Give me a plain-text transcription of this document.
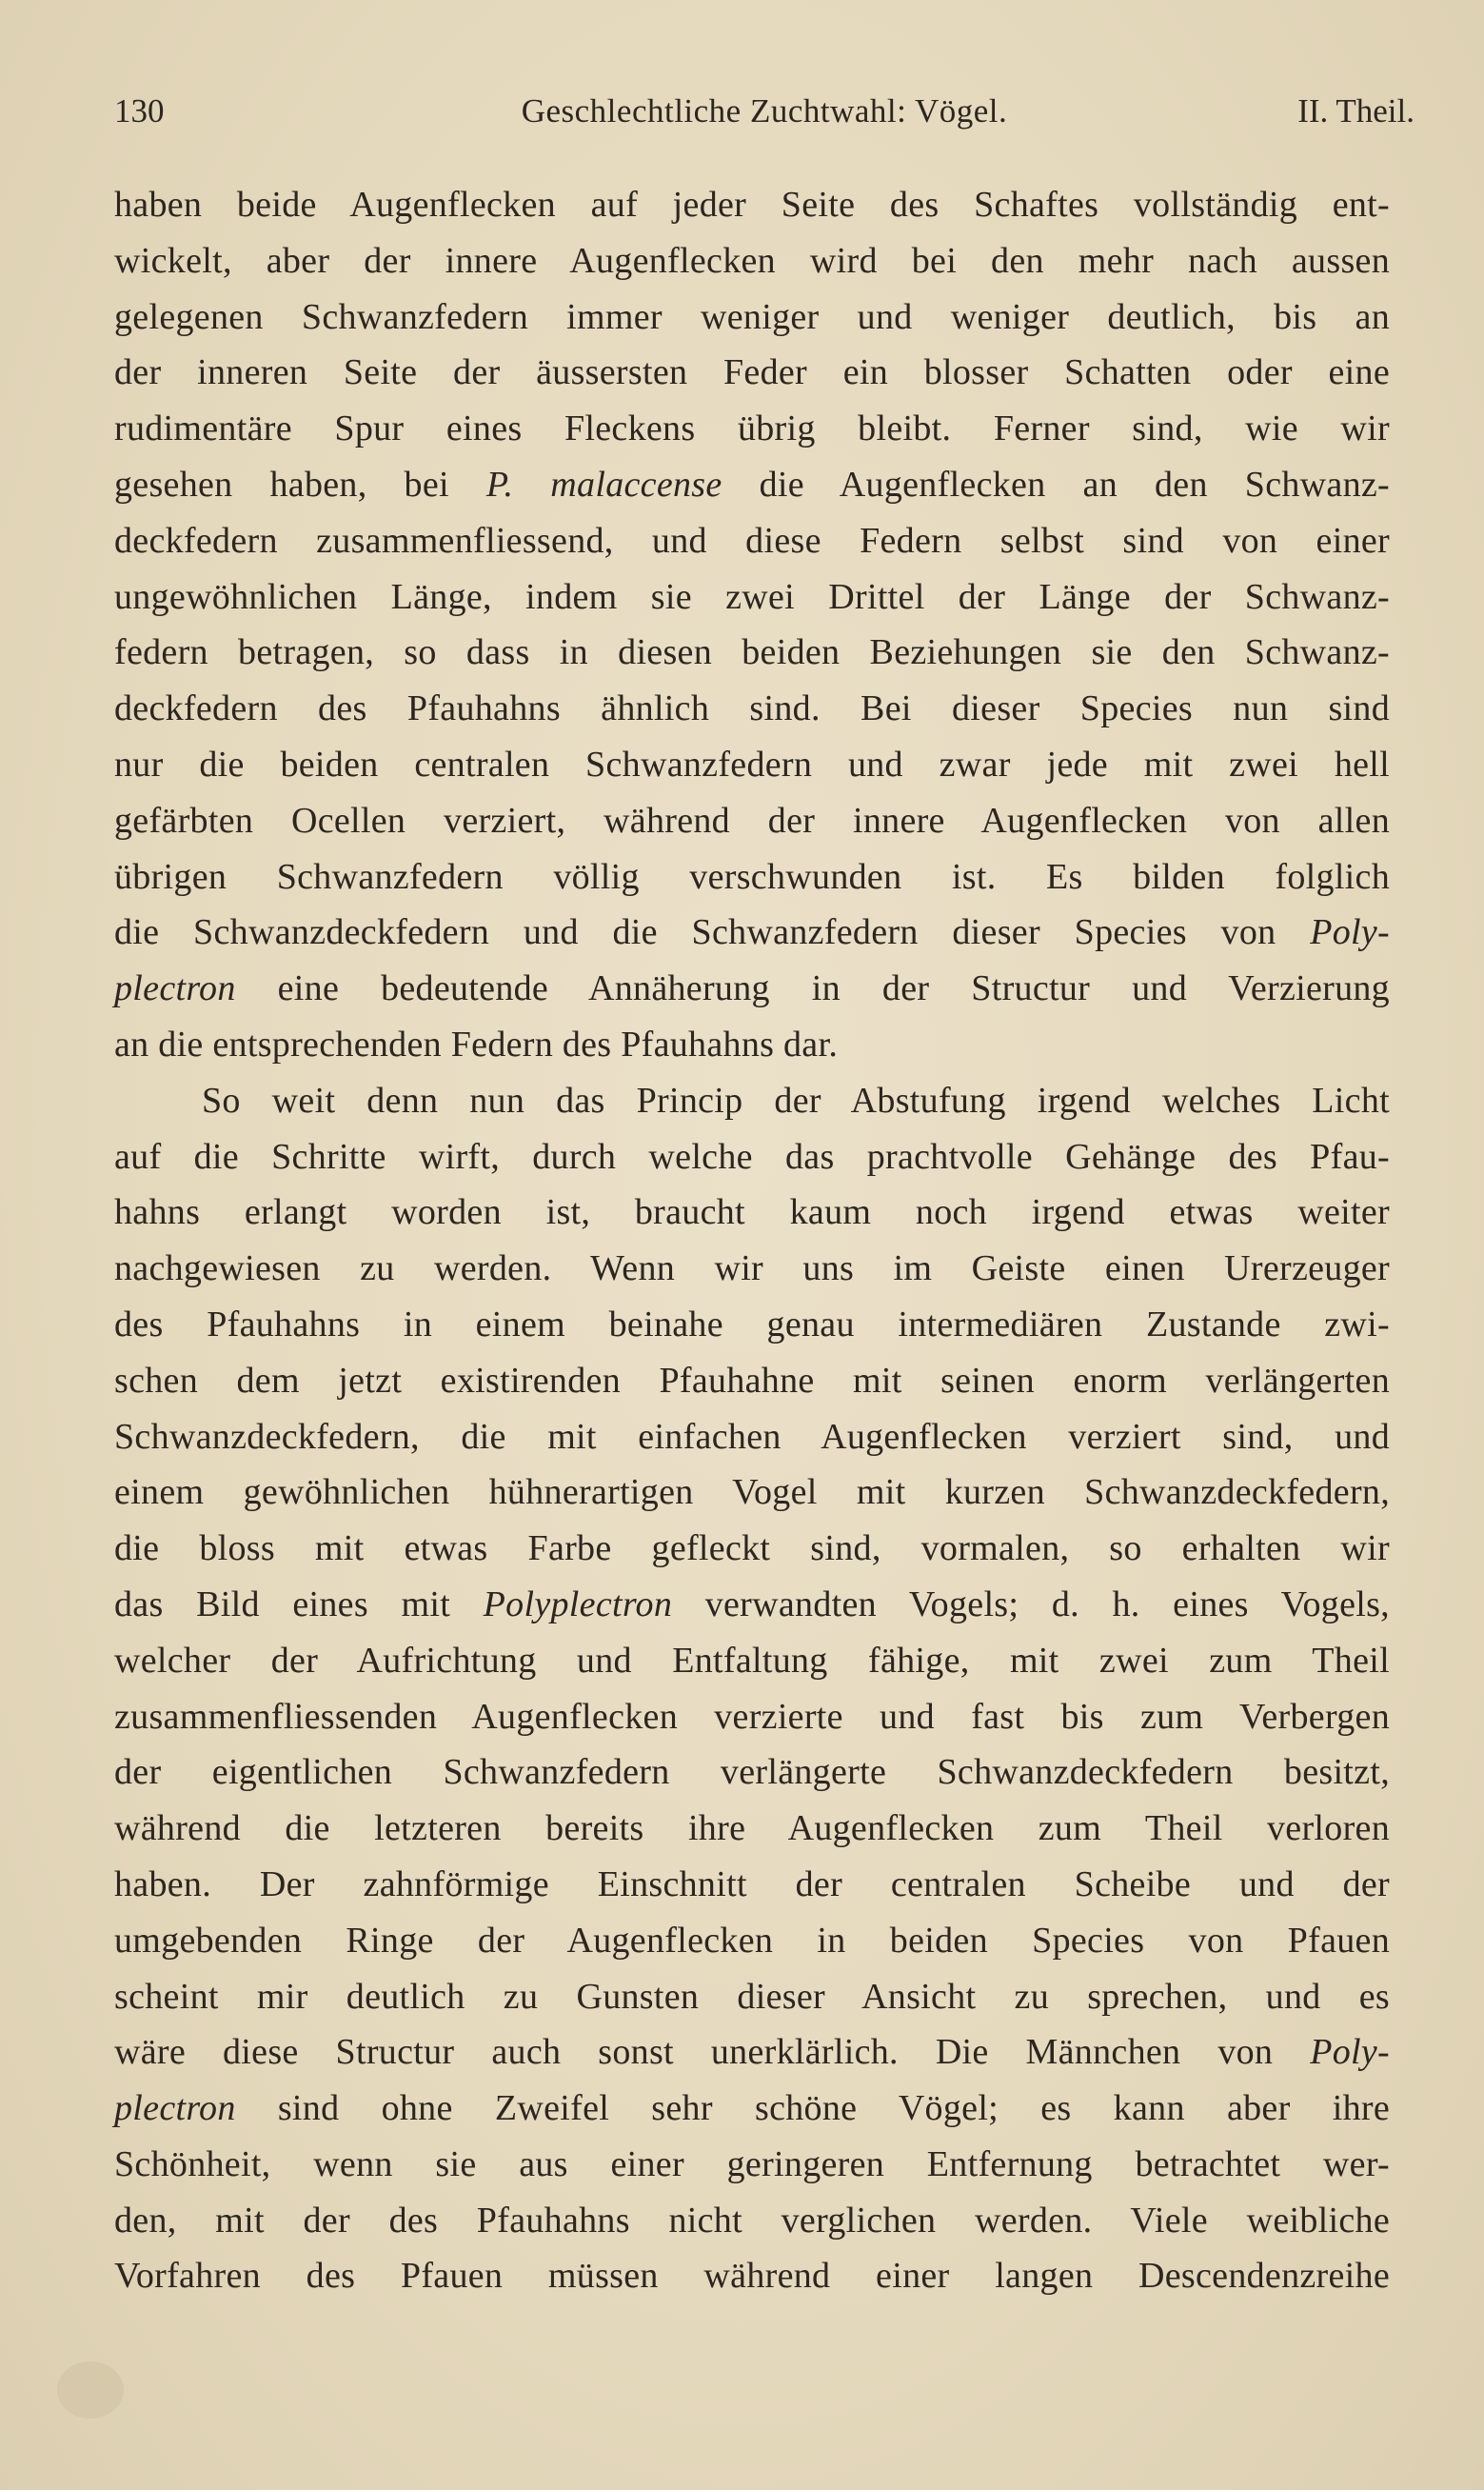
130	Geschlechtliche Zuchtwahl: Vögel.	II. Theil.
haben beide Augenflecken auf jeder Seite des Schaftes vollständig ent-
wickelt, aber der innere Augenflecken wird bei den mehr nach aussen
gelegenen Schwanzfedern immer weniger und weniger deutlich, bis an
der inneren Seite der äussersten Feder ein blosser Schatten oder eine
rudimentäre Spur eines Fleckens übrig bleibt. Ferner sind, wie wir
gesehen haben, bei P. malaccense die Augenflecken an den Schwanz-
deckfedern zusammenfliessend, und diese Federn selbst sind von einer
ungewöhnlichen Länge, indem sie zwei Drittel der Länge der Schwanz-
federn betragen, so dass in diesen beiden Beziehungen sie den Schwanz-
deckfedern des Pfauhahns ähnlich sind. Bei dieser Species nun sind
nur die beiden centralen Schwanzfedern und zwar jede mit zwei hell
gefärbten Ocellen verziert, während der innere Augenflecken von allen
übrigen Schwanzfedern völlig verschwunden ist. Es bilden folglich
die Schwanzdeckfedern und die Schwanzfedern dieser Species von Poly-
plectron eine bedeutende Annäherung in der Structur und Verzierung
an die entsprechenden Federn des Pfauhahns dar.
So weit denn nun das Princip der Abstufung irgend welches Licht
auf die Schritte wirft, durch welche das prachtvolle Gehänge des Pfau-
hahns erlangt worden ist, braucht kaum noch irgend etwas weiter
nachgewiesen zu werden. Wenn wir uns im Geiste einen Urerzeuger
des Pfauhahns in einem beinahe genau intermediären Zustande zwi-
schen dem jetzt existirenden Pfauhahne mit seinen enorm verlängerten
Schwanzdeckfedern, die mit einfachen Augenflecken verziert sind, und
einem gewöhnlichen hühnerartigen Vogel mit kurzen Schwanzdeckfedern,
die bloss mit etwas Farbe gefleckt sind, vormalen, so erhalten wir
das Bild eines mit Polyplectron verwandten Vogels; d. h. eines Vogels,
welcher der Aufrichtung und Entfaltung fähige, mit zwei zum Theil
zusammenfliessenden Augenflecken verzierte und fast bis zum Verbergen
der eigentlichen Schwanzfedern verlängerte Schwanzdeckfedern besitzt,
während die letzteren bereits ihre Augenflecken zum Theil verloren
haben. Der zahnförmige Einschnitt der centralen Scheibe und der
umgebenden Ringe der Augenflecken in beiden Species von Pfauen
scheint mir deutlich zu Gunsten dieser Ansicht zu sprechen, und es
wäre diese Structur auch sonst unerklärlich. Die Männchen von Poly-
plectron sind ohne Zweifel sehr schöne Vögel; es kann aber ihre
Schönheit, wenn sie aus einer geringeren Entfernung betrachtet wer-
den, mit der des Pfauhahns nicht verglichen werden. Viele weibliche
Vorfahren des Pfauen müssen während einer langen Descendenzreihe
